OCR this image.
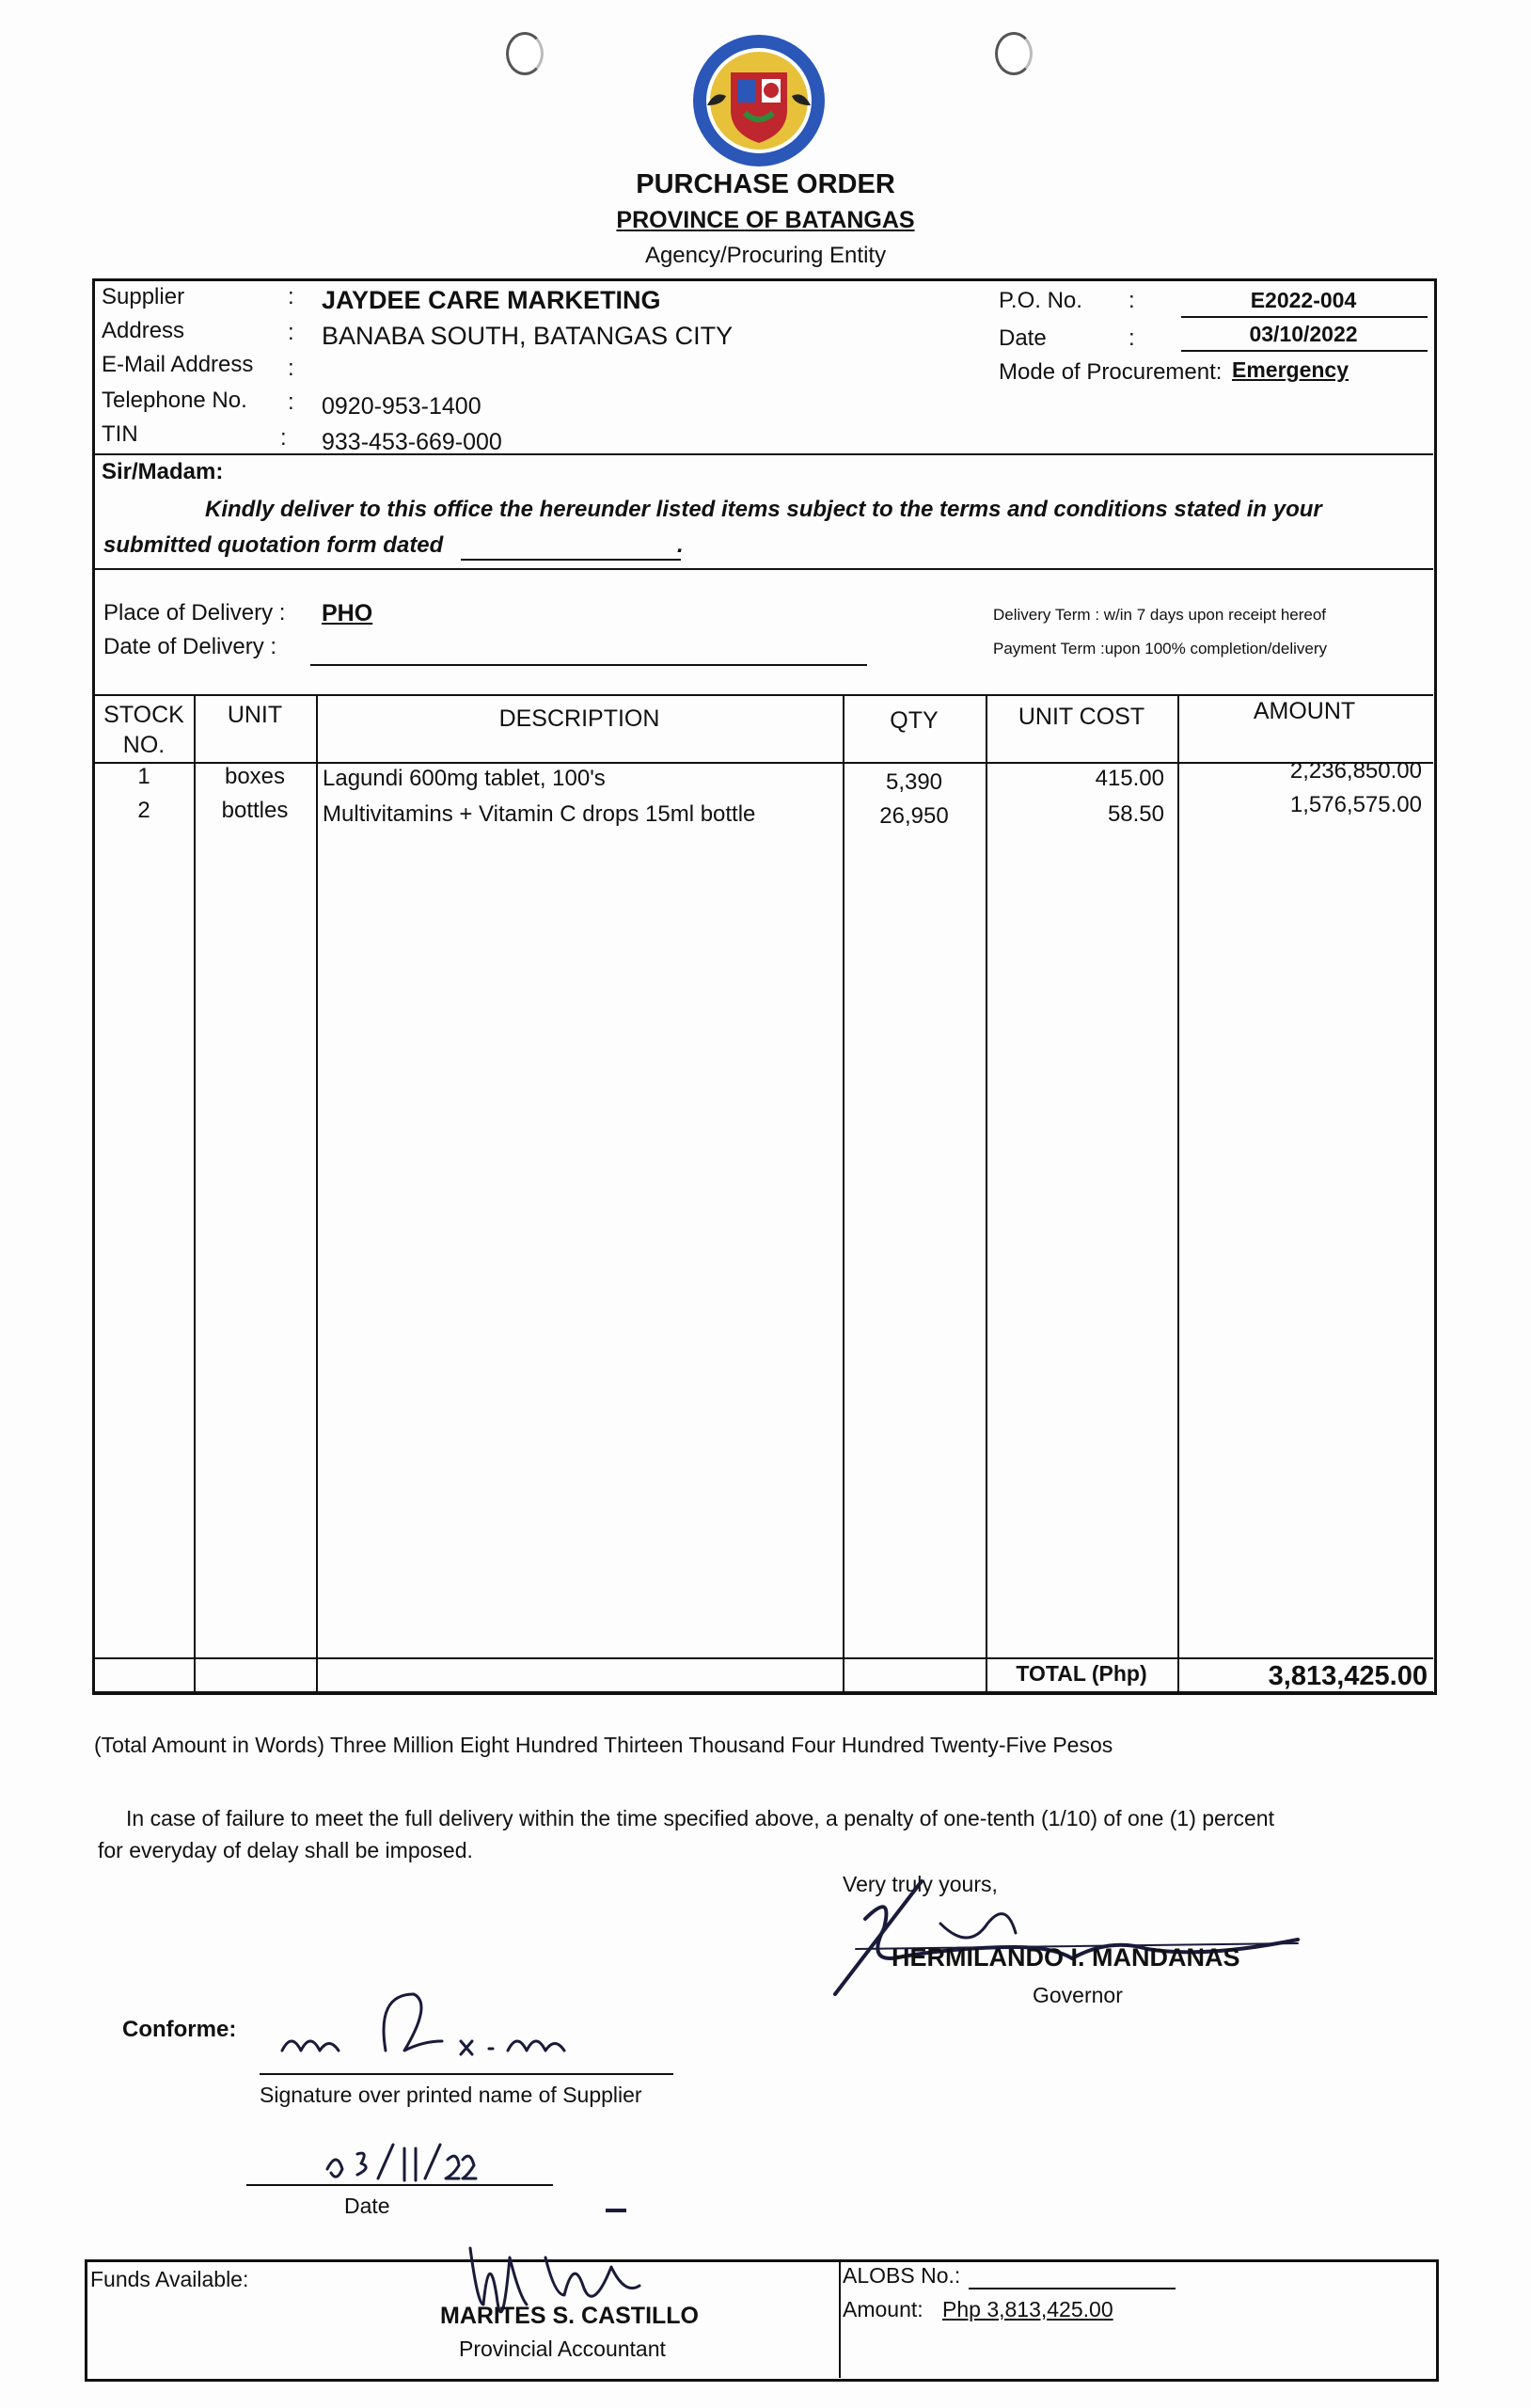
PURCHASE ORDER
PROVINCE OF BATANGAS
Agency/Procuring Entity
Supplier	: JAYDEE CARE MARKETING
Address	: BANABA SOUTH, BATANGAS CITY
E-Mail Address :
Telephone No. : 0920-953-1400
TIN	: 933-453-669-000
P.O. No. :	E2022-004
Date	:	03/10/2022
Mode of Procurement: Emergency
Sir/Madam:
Kindly deliver to this office the hereunder listed items subject to the terms and conditions stated in your
submitted quotation form dated	.
Place of Delivery : PHO
Date of Delivery :
Delivery Term : w/in 7 days upon receipt hereof
Payment Term :upon 100% completion/delivery
STOCK
NO.
UNIT	DESCRIPTION	QTY	UNIT COST	AMOUNT
1	boxes	Lagundi 600mg tablet, 100's	5,390	415.00	2,236,850.00
2	bottles	Multivitamins + Vitamin C drops 15ml bottle	26,950	58.50	1,576,575.00
TOTAL (Php)	3,813,425.00
(Total Amount in Words) Three Million Eight Hundred Thirteen Thousand Four Hundred Twenty-Five Pesos
In case of failure to meet the full delivery within the time specified above, a penalty of one-tenth (1/10) of one (1) percent
for everyday of delay shall be imposed.
Very truly yours,
HERMILANDO I. MANDANAS
Governor
Conforme:
Signature over printed name of Supplier
Date
Funds Available:
MARITES S. CASTILLO
Provincial Accountant
ALOBS No.:
Amount: Php 3,813,425.00
